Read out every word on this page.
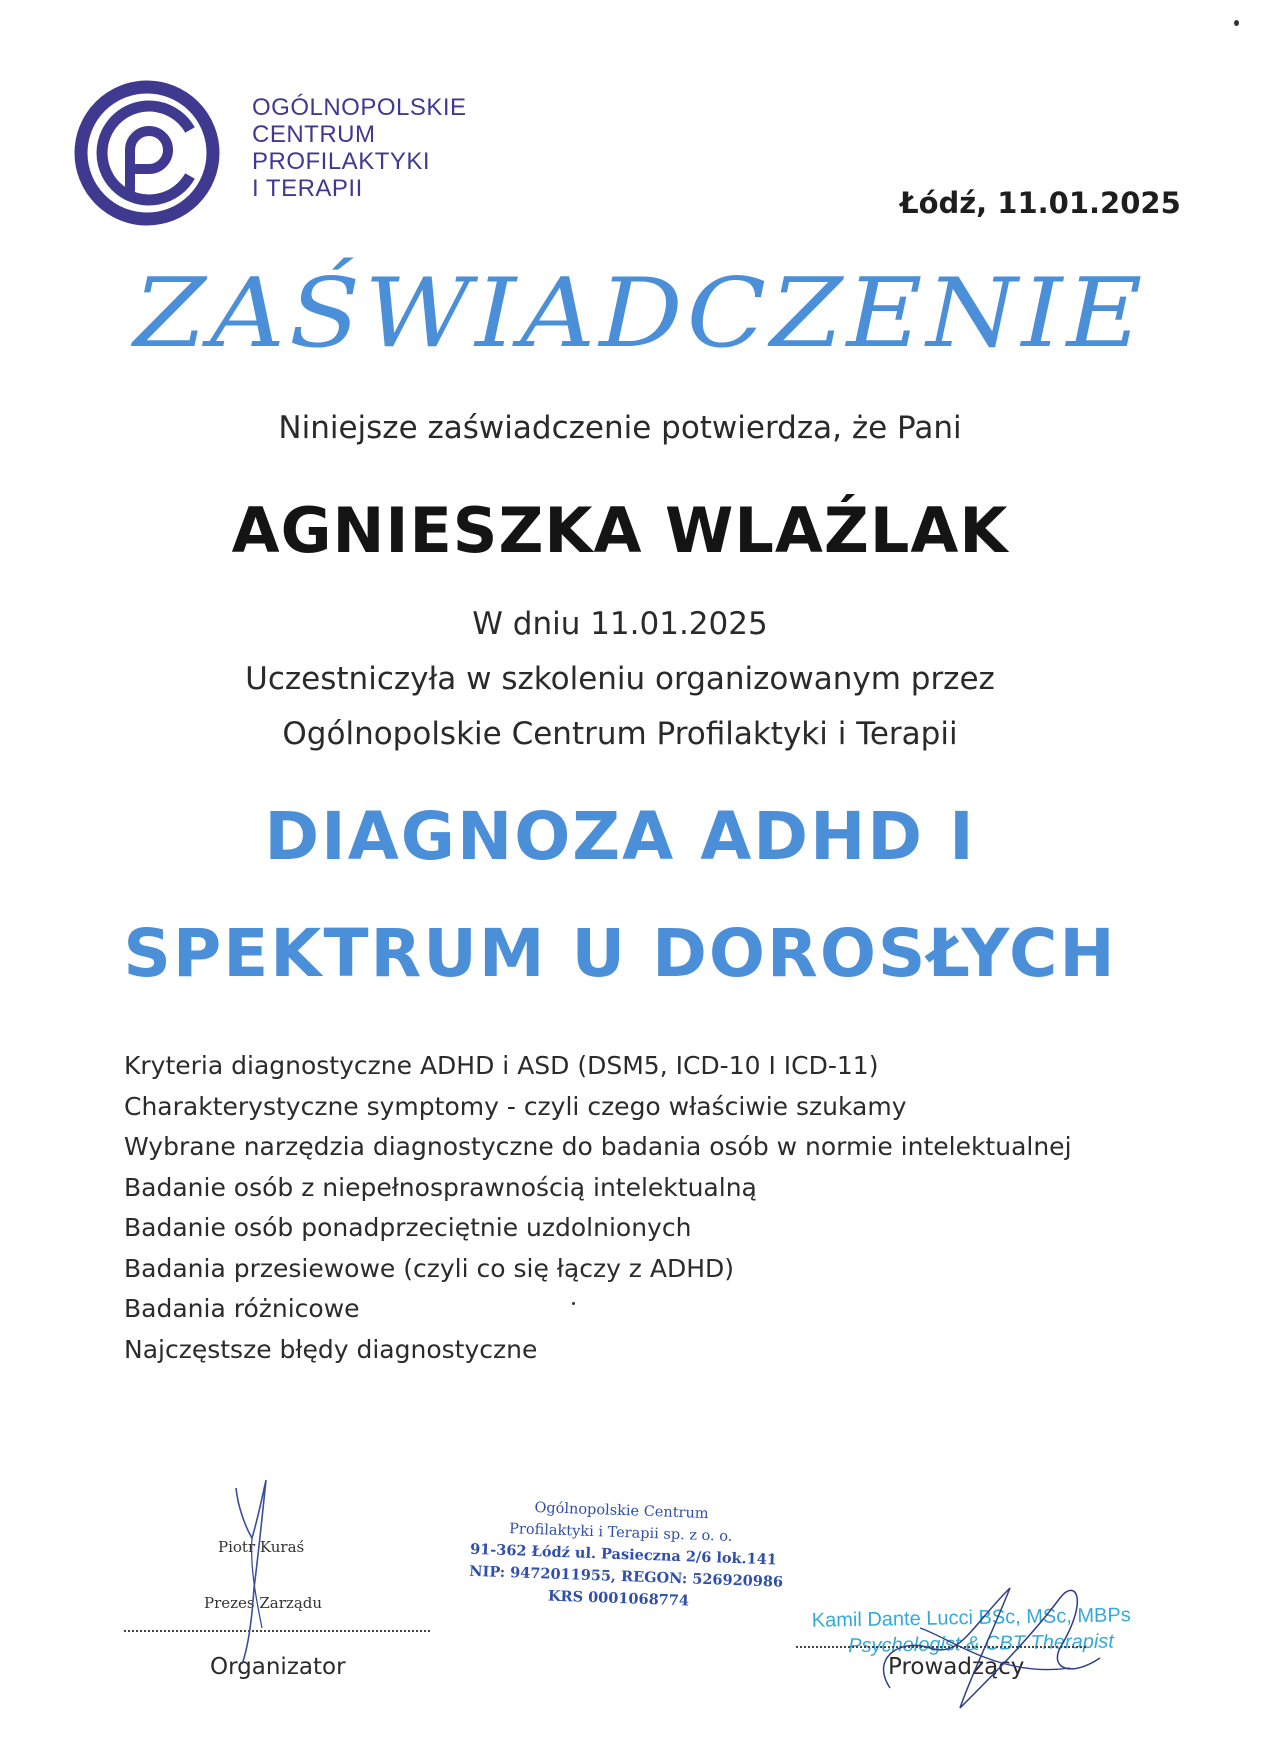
OGÓLNOPOLSKIE
CENTRUM
PROFILAKTYKI
I TERAPII	Łódź, 11.01.2025
ZAŚWIADCZENIE
Niniejsze zaświadczenie potwierdza, że Pani
AGNIESZKA WLAŹLAK
W dniu 11.01.2025
Uczestniczyła w szkoleniu organizowanym przez
Ogólnopolskie Centrum Profilaktyki i Terapii
DIAGNOZA ADHD I
SPEKTRUM U DOROSŁYCH
Kryteria diagnostyczne ADHD i ASD (DSM5, ICD-10 I ICD-11)
Charakterystyczne symptomy - czyli czego właściwie szukamy
Wybrane narzędzia diagnostyczne do badania osób w normie intelektualnej
Badanie osób z niepełnosprawnością intelektualną
Badanie osób ponadprzeciętnie uzdolnionych
Badania przesiewowe (czyli co się łączy z ADHD)
Badania różnicowe
Najczęstsze błędy diagnostyczne
Piotr Kuraś
Prezes Zarządu
Organizator
Ogólnopolskie Centrum
Profilaktyki i Terapii sp. z o. o.
91-362 Łódź ul. Pasieczna 2/6 lok.141
NIP: 9472011955, REGON: 526920986
KRS 0001068774
Kamil Dante Lucci BSc, MSc, MBPs
Psychologist & CBT Therapist
Prowadzący
